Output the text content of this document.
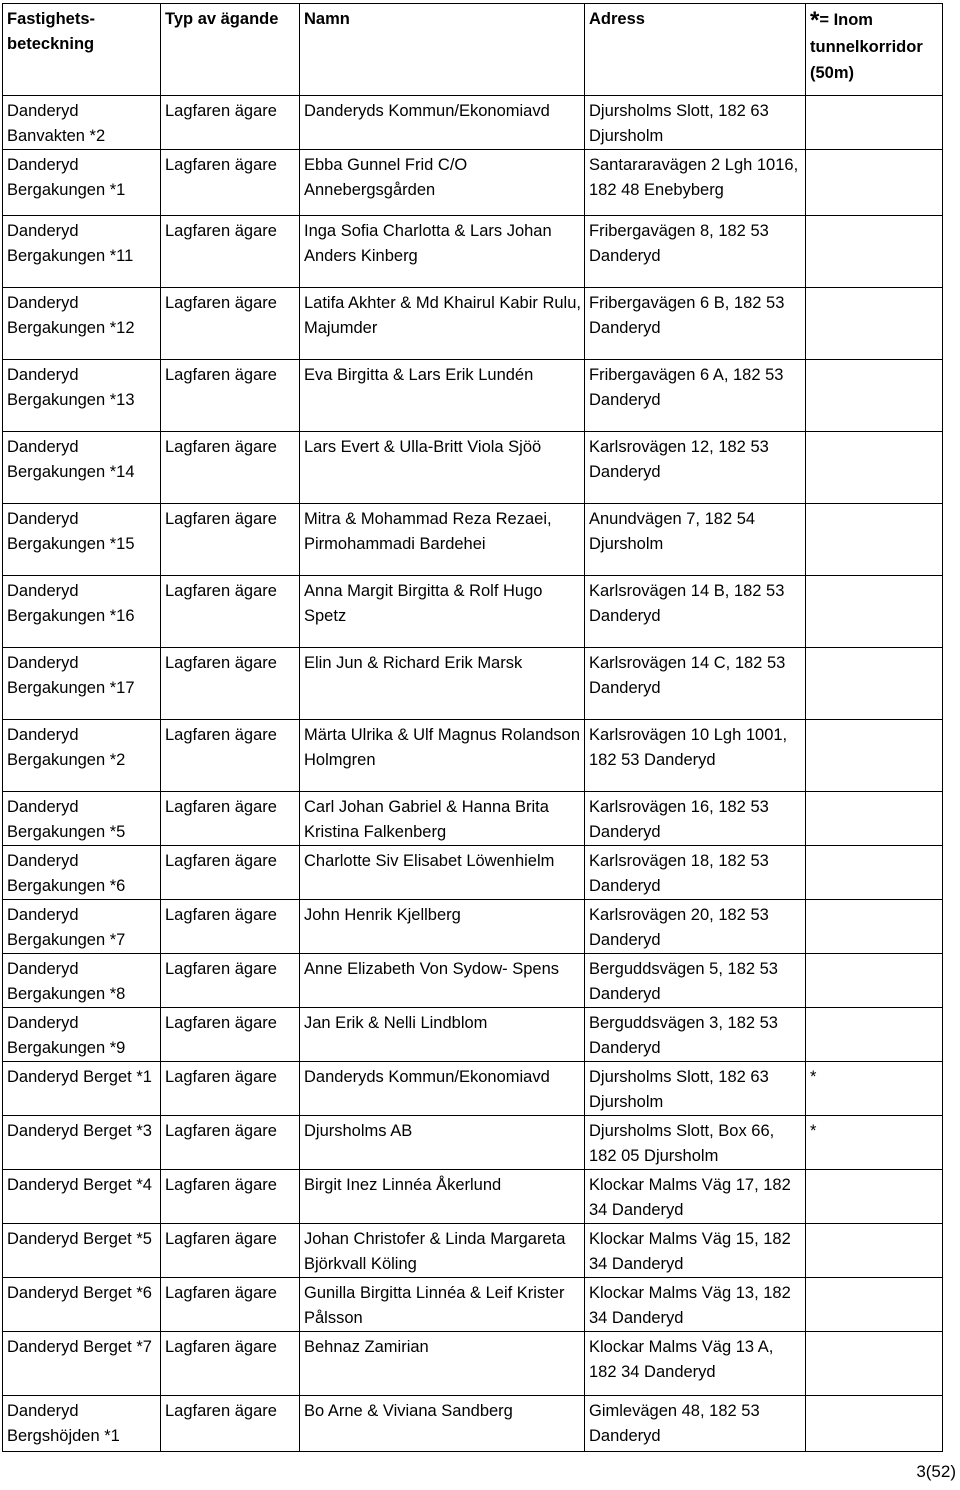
Fastighets-beteckning	Typ av ägande	Namn	Adress	*= Inom tunnelkorridor (50m)
Danderyd Banvakten *2	Lagfaren ägare	Danderyds Kommun/Ekonomiavd	Djursholms Slott, 182 63 Djursholm	
Danderyd Bergakungen *1	Lagfaren ägare	Ebba Gunnel Frid C/O Annebergsgården	Santararavägen 2 Lgh 1016, 182 48 Enebyberg	
Danderyd Bergakungen *11	Lagfaren ägare	Inga Sofia Charlotta & Lars Johan Anders Kinberg	Fribergavägen 8, 182 53 Danderyd	
Danderyd Bergakungen *12	Lagfaren ägare	Latifa Akhter & Md Khairul Kabir Rulu, Majumder	Fribergavägen 6 B, 182 53 Danderyd	
Danderyd Bergakungen *13	Lagfaren ägare	Eva Birgitta & Lars Erik Lundén	Fribergavägen 6 A, 182 53 Danderyd	
Danderyd Bergakungen *14	Lagfaren ägare	Lars Evert & Ulla-Britt Viola Sjöö	Karlsrovägen 12, 182 53 Danderyd	
Danderyd Bergakungen *15	Lagfaren ägare	Mitra & Mohammad Reza Rezaei, Pirmohammadi Bardehei	Anundvägen 7, 182 54 Djursholm	
Danderyd Bergakungen *16	Lagfaren ägare	Anna Margit Birgitta & Rolf Hugo Spetz	Karlsrovägen 14 B, 182 53 Danderyd	
Danderyd Bergakungen *17	Lagfaren ägare	Elin Jun & Richard Erik Marsk	Karlsrovägen 14 C, 182 53 Danderyd	
Danderyd Bergakungen *2	Lagfaren ägare	Märta Ulrika & Ulf Magnus Rolandson Holmgren	Karlsrovägen 10 Lgh 1001, 182 53 Danderyd	
Danderyd Bergakungen *5	Lagfaren ägare	Carl Johan Gabriel & Hanna Brita Kristina Falkenberg	Karlsrovägen 16, 182 53 Danderyd	
Danderyd Bergakungen *6	Lagfaren ägare	Charlotte Siv Elisabet Löwenhielm	Karlsrovägen 18, 182 53 Danderyd	
Danderyd Bergakungen *7	Lagfaren ägare	John Henrik Kjellberg	Karlsrovägen 20, 182 53 Danderyd	
Danderyd Bergakungen *8	Lagfaren ägare	Anne Elizabeth Von Sydow- Spens	Berguddsvägen 5, 182 53 Danderyd	
Danderyd Bergakungen *9	Lagfaren ägare	Jan Erik & Nelli Lindblom	Berguddsvägen 3, 182 53 Danderyd	
Danderyd Berget *1	Lagfaren ägare	Danderyds Kommun/Ekonomiavd	Djursholms Slott, 182 63 Djursholm	*
Danderyd Berget *3	Lagfaren ägare	Djursholms AB	Djursholms Slott, Box 66, 182 05 Djursholm	*
Danderyd Berget *4	Lagfaren ägare	Birgit Inez Linnéa Åkerlund	Klockar Malms Väg 17, 182 34 Danderyd	
Danderyd Berget *5	Lagfaren ägare	Johan Christofer & Linda Margareta Björkvall Köling	Klockar Malms Väg 15, 182 34 Danderyd	
Danderyd Berget *6	Lagfaren ägare	Gunilla Birgitta Linnéa & Leif Krister Pålsson	Klockar Malms Väg 13, 182 34 Danderyd	
Danderyd Berget *7	Lagfaren ägare	Behnaz Zamirian	Klockar Malms Väg 13 A, 182 34 Danderyd	
Danderyd Bergshöjden *1	Lagfaren ägare	Bo Arne & Viviana Sandberg	Gimlevägen 48, 182 53 Danderyd	
3(52)
